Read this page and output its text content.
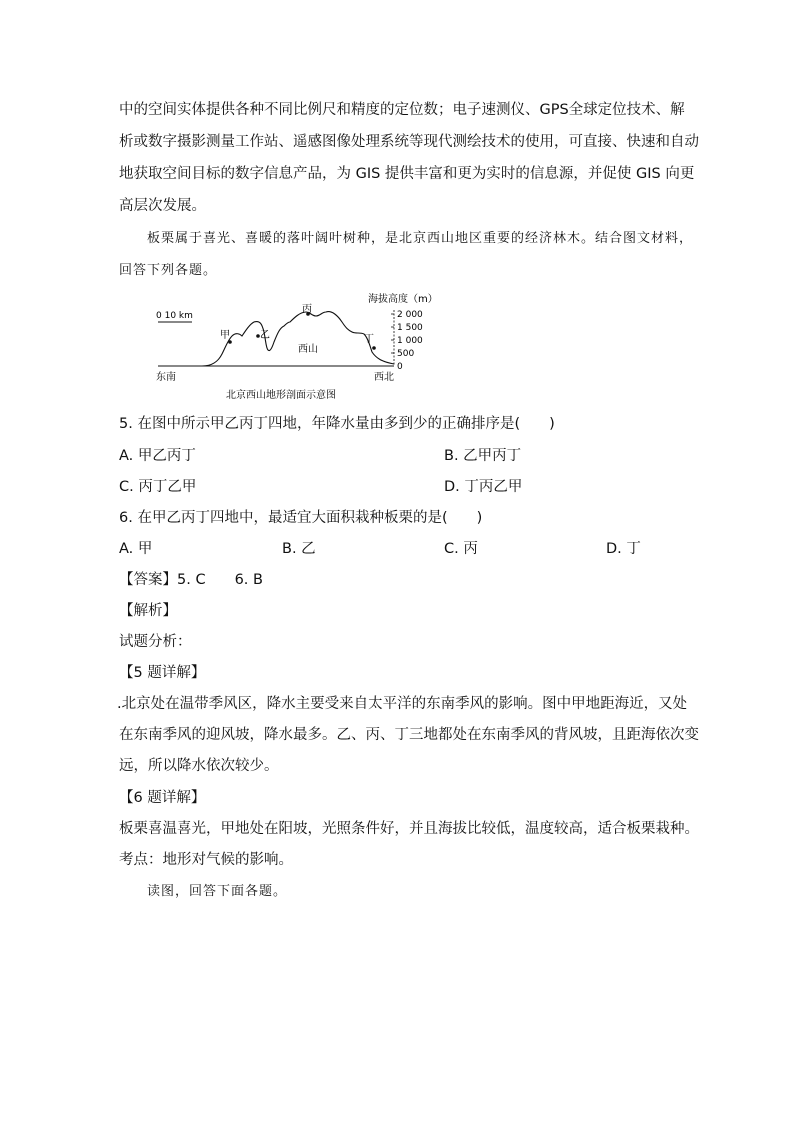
中的空间实体提供各种不同比例尺和精度的定位数；电子速测仪、GPS全球定位技术、解
析或数字摄影测量工作站、遥感图像处理系统等现代测绘技术的使用，可直接、快速和自动
地获取空间目标的数字信息产品，为 GIS 提供丰富和更为实时的信息源，并促使 GIS 向更
高层次发展。
板栗属于喜光、喜暖的落叶阔叶树种，是北京西山地区重要的经济林木。结合图文材料，
回答下列各题。
海拔高度（m）
0 10 km	2 000
1 500
1 000
500
0
甲	乙
丙
丁
西山
东南	西北
北京西山地形剖面示意图
5. 在图中所示甲乙丙丁四地，年降水量由多到少的正确排序是(　　)
A. 甲乙丙丁	B. 乙甲丙丁
C. 丙丁乙甲	D. 丁丙乙甲
6. 在甲乙丙丁四地中，最适宜大面积栽种板栗的是(　　)
A. 甲	B. 乙	C. 丙	D. 丁
【答案】5. C　　6. B
【解析】
试题分析：
【5 题详解】
.北京处在温带季风区，降水主要受来自太平洋的东南季风的影响。图中甲地距海近，又处
在东南季风的迎风坡，降水最多。乙、丙、丁三地都处在东南季风的背风坡，且距海依次变
远，所以降水依次较少。
【6 题详解】
板栗喜温喜光，甲地处在阳坡，光照条件好，并且海拔比较低，温度较高，适合板栗栽种。
考点：地形对气候的影响。
读图，回答下面各题。
